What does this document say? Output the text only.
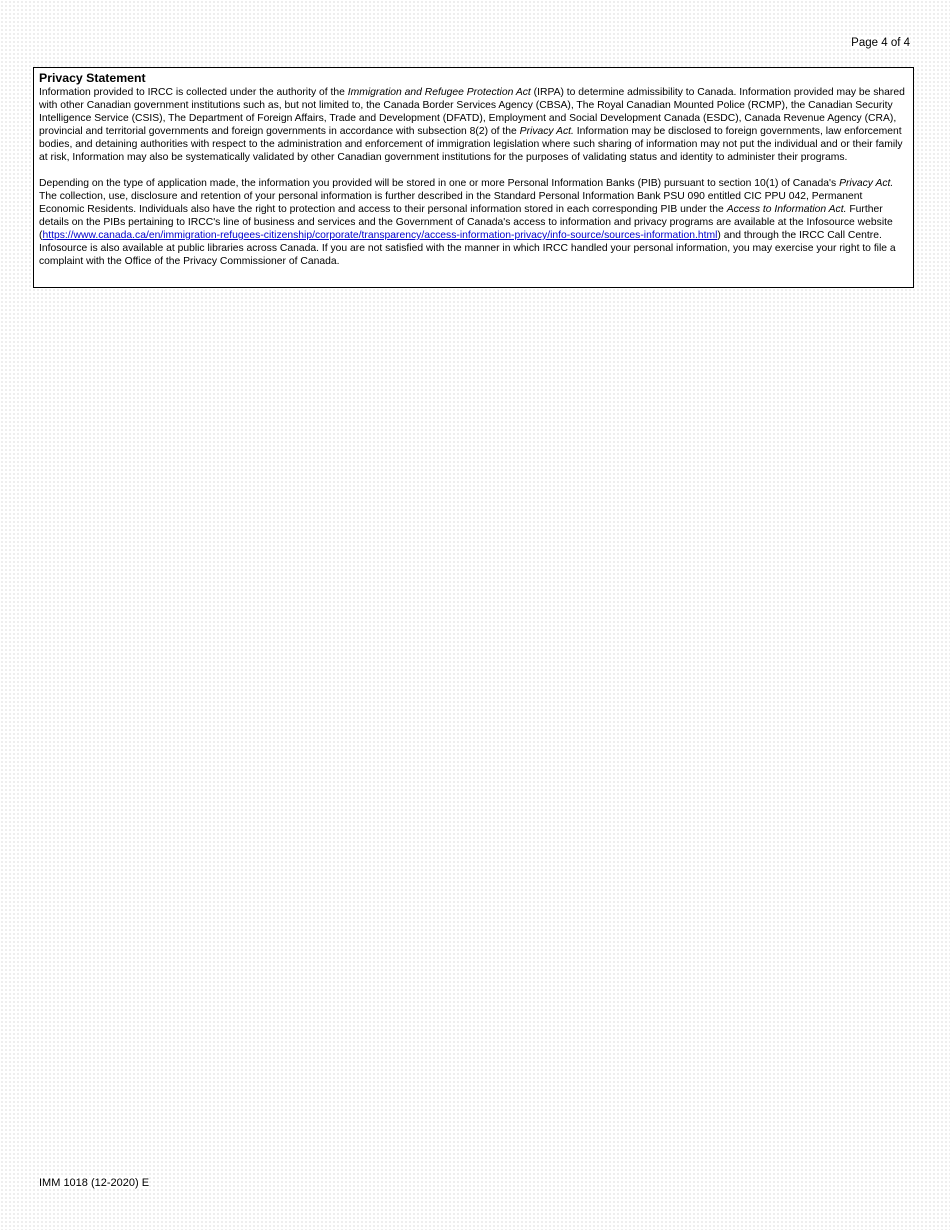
Page 4 of 4
Privacy Statement

Information provided to IRCC is collected under the authority of the Immigration and Refugee Protection Act (IRPA) to determine admissibility to Canada. Information provided may be shared with other Canadian government institutions such as, but not limited to, the Canada Border Services Agency (CBSA), The Royal Canadian Mounted Police (RCMP), the Canadian Security Intelligence Service (CSIS), The Department of Foreign Affairs, Trade and Development (DFATD), Employment and Social Development Canada (ESDC), Canada Revenue Agency (CRA), provincial and territorial governments and foreign governments in accordance with subsection 8(2) of the Privacy Act. Information may be disclosed to foreign governments, law enforcement bodies, and detaining authorities with respect to the administration and enforcement of immigration legislation where such sharing of information may not put the individual and or their family at risk, Information may also be systematically validated by other Canadian government institutions for the purposes of validating status and identity to administer their programs.

Depending on the type of application made, the information you provided will be stored in one or more Personal Information Banks (PIB) pursuant to section 10(1) of Canada's Privacy Act. The collection, use, disclosure and retention of your personal information is further described in the Standard Personal Information Bank PSU 090 entitled CIC PPU 042, Permanent Economic Residents. Individuals also have the right to protection and access to their personal information stored in each corresponding PIB under the Access to Information Act. Further details on the PIBs pertaining to IRCC's line of business and services and the Government of Canada's access to information and privacy programs are available at the Infosource website (https://www.canada.ca/en/immigration-refugees-citizenship/corporate/transparency/access-information-privacy/info-source/sources-information.html) and through the IRCC Call Centre. Infosource is also available at public libraries across Canada. If you are not satisfied with the manner in which IRCC handled your personal information, you may exercise your right to file a complaint with the Office of the Privacy Commissioner of Canada.

IMM 1018 (12-2020) E
